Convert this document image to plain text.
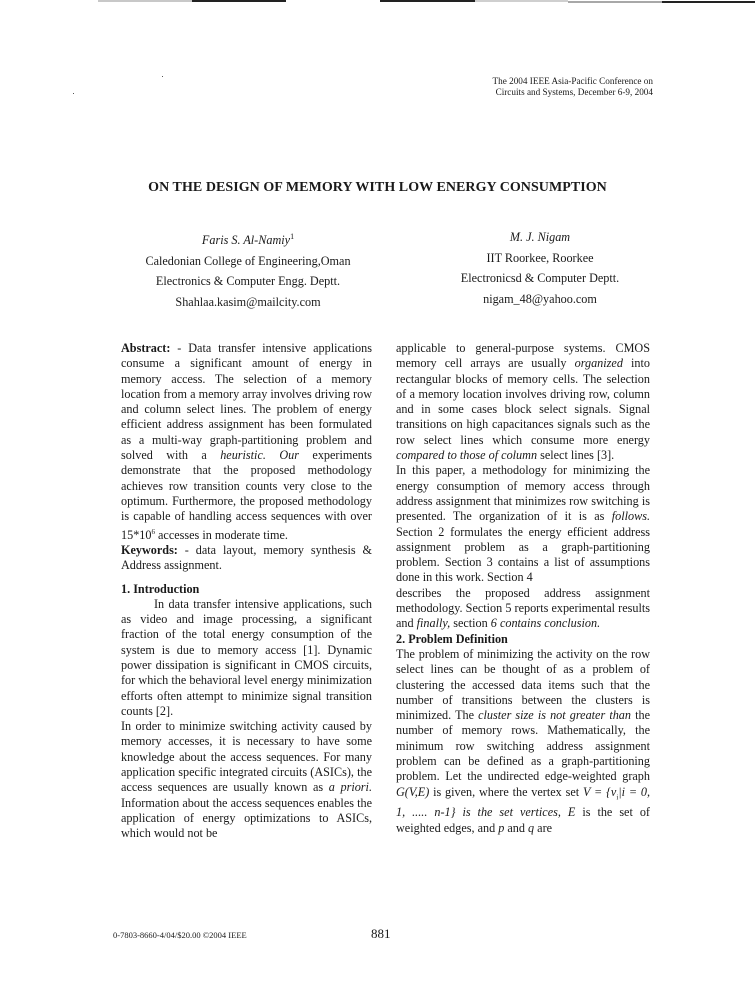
The 2004 IEEE Asia-Pacific Conference on
Circuits and Systems, December 6-9, 2004
ON THE DESIGN OF MEMORY WITH LOW ENERGY CONSUMPTION
Faris S. Al-Namiy$^1$
Caledonian College of Engineering,Oman
Electronics & Computer Engg. Deptt.
Shahlaa.kasim@mailcity.com
M. J. Nigam
IIT Roorkee, Roorkee
Electronicsd & Computer Deptt.
nigam_48@yahoo.com

Abstract: - Data transfer intensive applications consume a significant amount of energy in memory access. The selection of a memory location from a memory array involves driving row and column select lines. The problem of energy efficient address assignment has been formulated as a multi-way graph-partitioning problem and solved with a heuristic. Our experiments demonstrate that the proposed methodology achieves row transition counts very close to the optimum. Furthermore, the proposed methodology is capable of handling access sequences with over $15*10^6$ accesses in moderate time.

Keywords: - data layout, memory synthesis & Address assignment.

1. Introduction

In data transfer intensive applications, such as video and image processing, a significant fraction of the total energy consumption of the system is due to memory access [1]. Dynamic power dissipation is significant in CMOS circuits, for which the behavioral level energy minimization efforts often attempt to minimize signal transition counts [2].

In order to minimize switching activity caused by memory accesses, it is necessary to have some knowledge about the access sequences. For many application specific integrated circuits (ASICs), the access sequences are usually known as a priori. Information about the access sequences enables the application of energy optimizations to ASICs, which would not be

applicable to general-purpose systems. CMOS memory cell arrays are usually organized into rectangular blocks of memory cells. The selection of a memory location involves driving row, column and in some cases block select signals. Signal transitions on high capacitances signals such as the row select lines which consume more energy compared to those of column select lines [3].

In this paper, a methodology for minimizing the energy consumption of memory access through address assignment that minimizes row switching is presented. The organization of it is as follows. Section 2 formulates the energy efficient address assignment problem as a graph-partitioning problem. Section 3 contains a list of assumptions done in this work. Section 4

describes the proposed address assignment methodology. Section 5 reports experimental results and finally, section 6 contains conclusion.

2. Problem Definition

The problem of minimizing the activity on the row select lines can be thought of as a problem of clustering the accessed data items such that the number of transitions between the clusters is minimized. The cluster size is not greater than the number of memory rows. Mathematically, the minimum row switching address assignment problem can be defined as a graph-partitioning problem. Let the undirected edge-weighted graph G(V,E) is given, where the vertex set $V = \{v_i|i = 0$, 1, ..... n-1} is the set vertices, E is the set of weighted edges, and p and q are

0-7803-8660-4/04/$20.00 ©2004 IEEE	881
